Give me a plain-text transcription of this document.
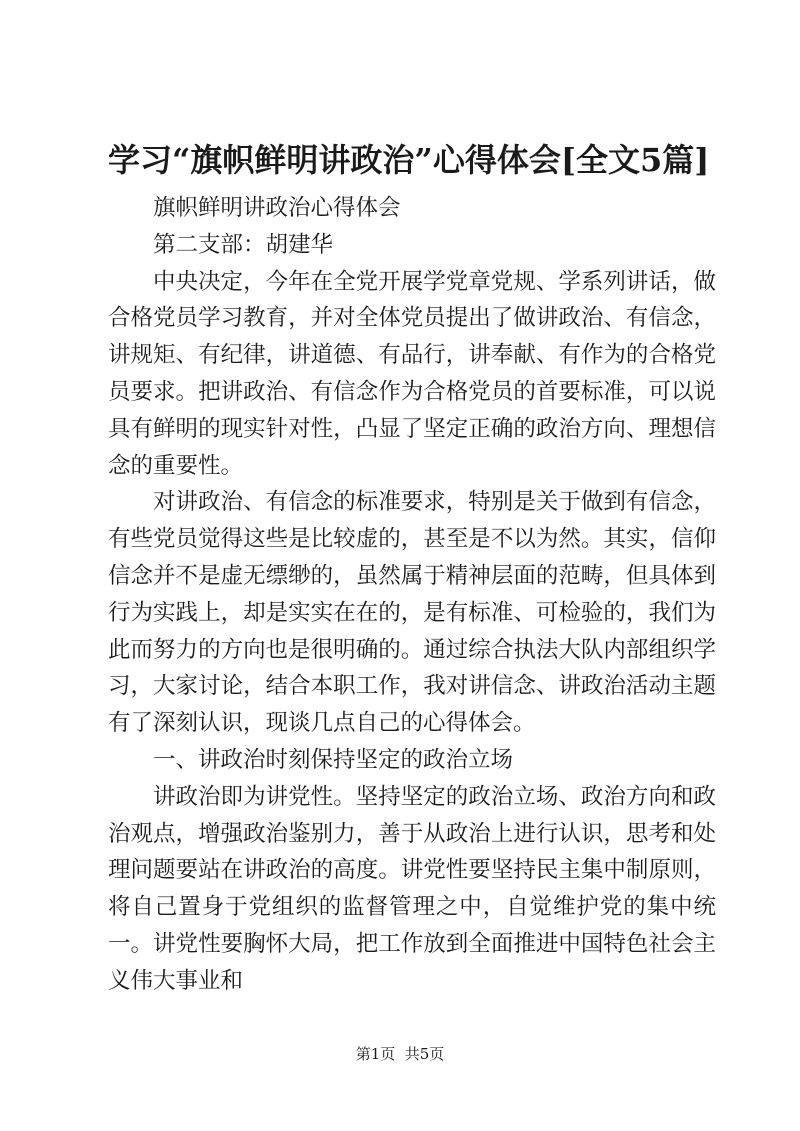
学习“旗帜鲜明讲政治”心得体会[全文5篇]

旗帜鲜明讲政治心得体会

第二支部：胡建华

中央决定，今年在全党开展学党章党规、学系列讲话，做合格党员学习教育，并对全体党员提出了做讲政治、有信念，讲规矩、有纪律，讲道德、有品行，讲奉献、有作为的合格党员要求。把讲政治、有信念作为合格党员的首要标准，可以说具有鲜明的现实针对性，凸显了坚定正确的政治方向、理想信念的重要性。

对讲政治、有信念的标准要求，特别是关于做到有信念，有些党员觉得这些是比较虚的，甚至是不以为然。其实，信仰信念并不是虚无缥缈的，虽然属于精神层面的范畴，但具体到行为实践上，却是实实在在的，是有标准、可检验的，我们为此而努力的方向也是很明确的。通过综合执法大队内部组织学习，大家讨论，结合本职工作，我对讲信念、讲政治活动主题有了深刻认识，现谈几点自己的心得体会。

一、讲政治时刻保持坚定的政治立场

讲政治即为讲党性。坚持坚定的政治立场、政治方向和政治观点，增强政治鉴别力，善于从政治上进行认识，思考和处理问题要站在讲政治的高度。讲党性要坚持民主集中制原则，将自己置身于党组织的监督管理之中，自觉维护党的集中统一。讲党性要胸怀大局，把工作放到全面推进中国特色社会主义伟大事业和

第1页  共5页
